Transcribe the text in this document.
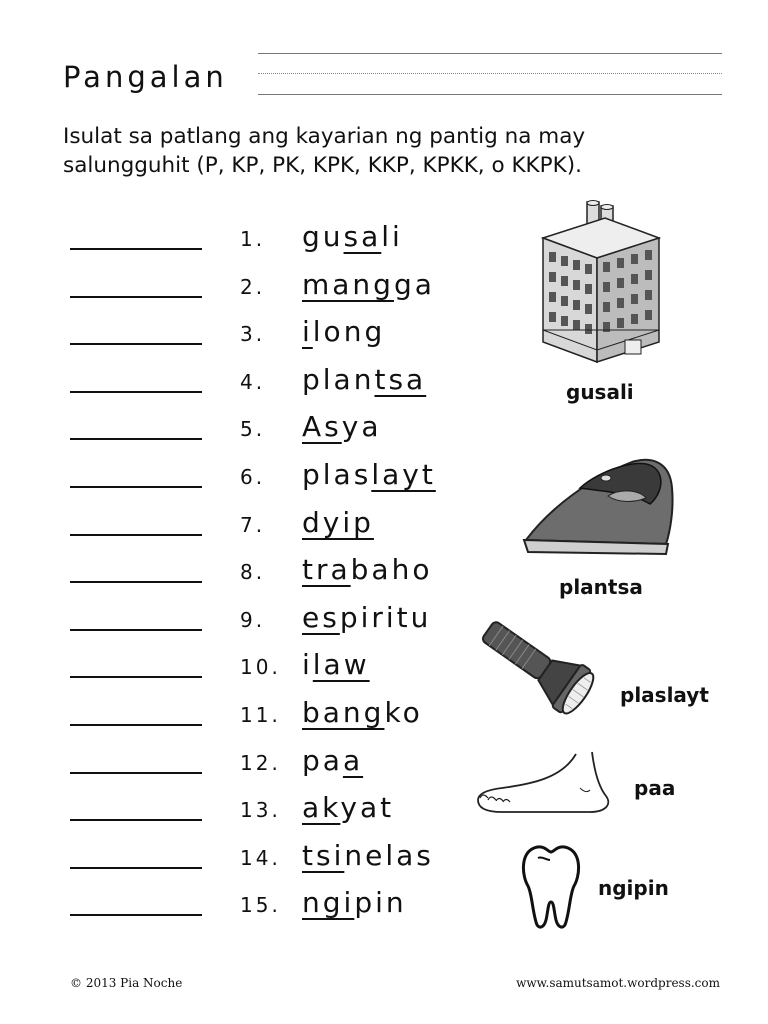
Pangalan
Isulat sa patlang ang kayarian ng pantig na may salungguhit (P, KP, PK, KPK, KKP, KPKK, o KKPK).
1. gusali
2. mangga
3. ilong
4. plantsa
5. Asya
6. plaslayt
7. dyip
8. trabaho
9. espiritu
10. ilaw
11. bangko
12. paa
13. akyat
14. tsinelas
15. ngipin
gusali
plantsa
plaslayt
paa
ngipin
© 2013 Pia Noche	www.samutsamot.wordpress.com
